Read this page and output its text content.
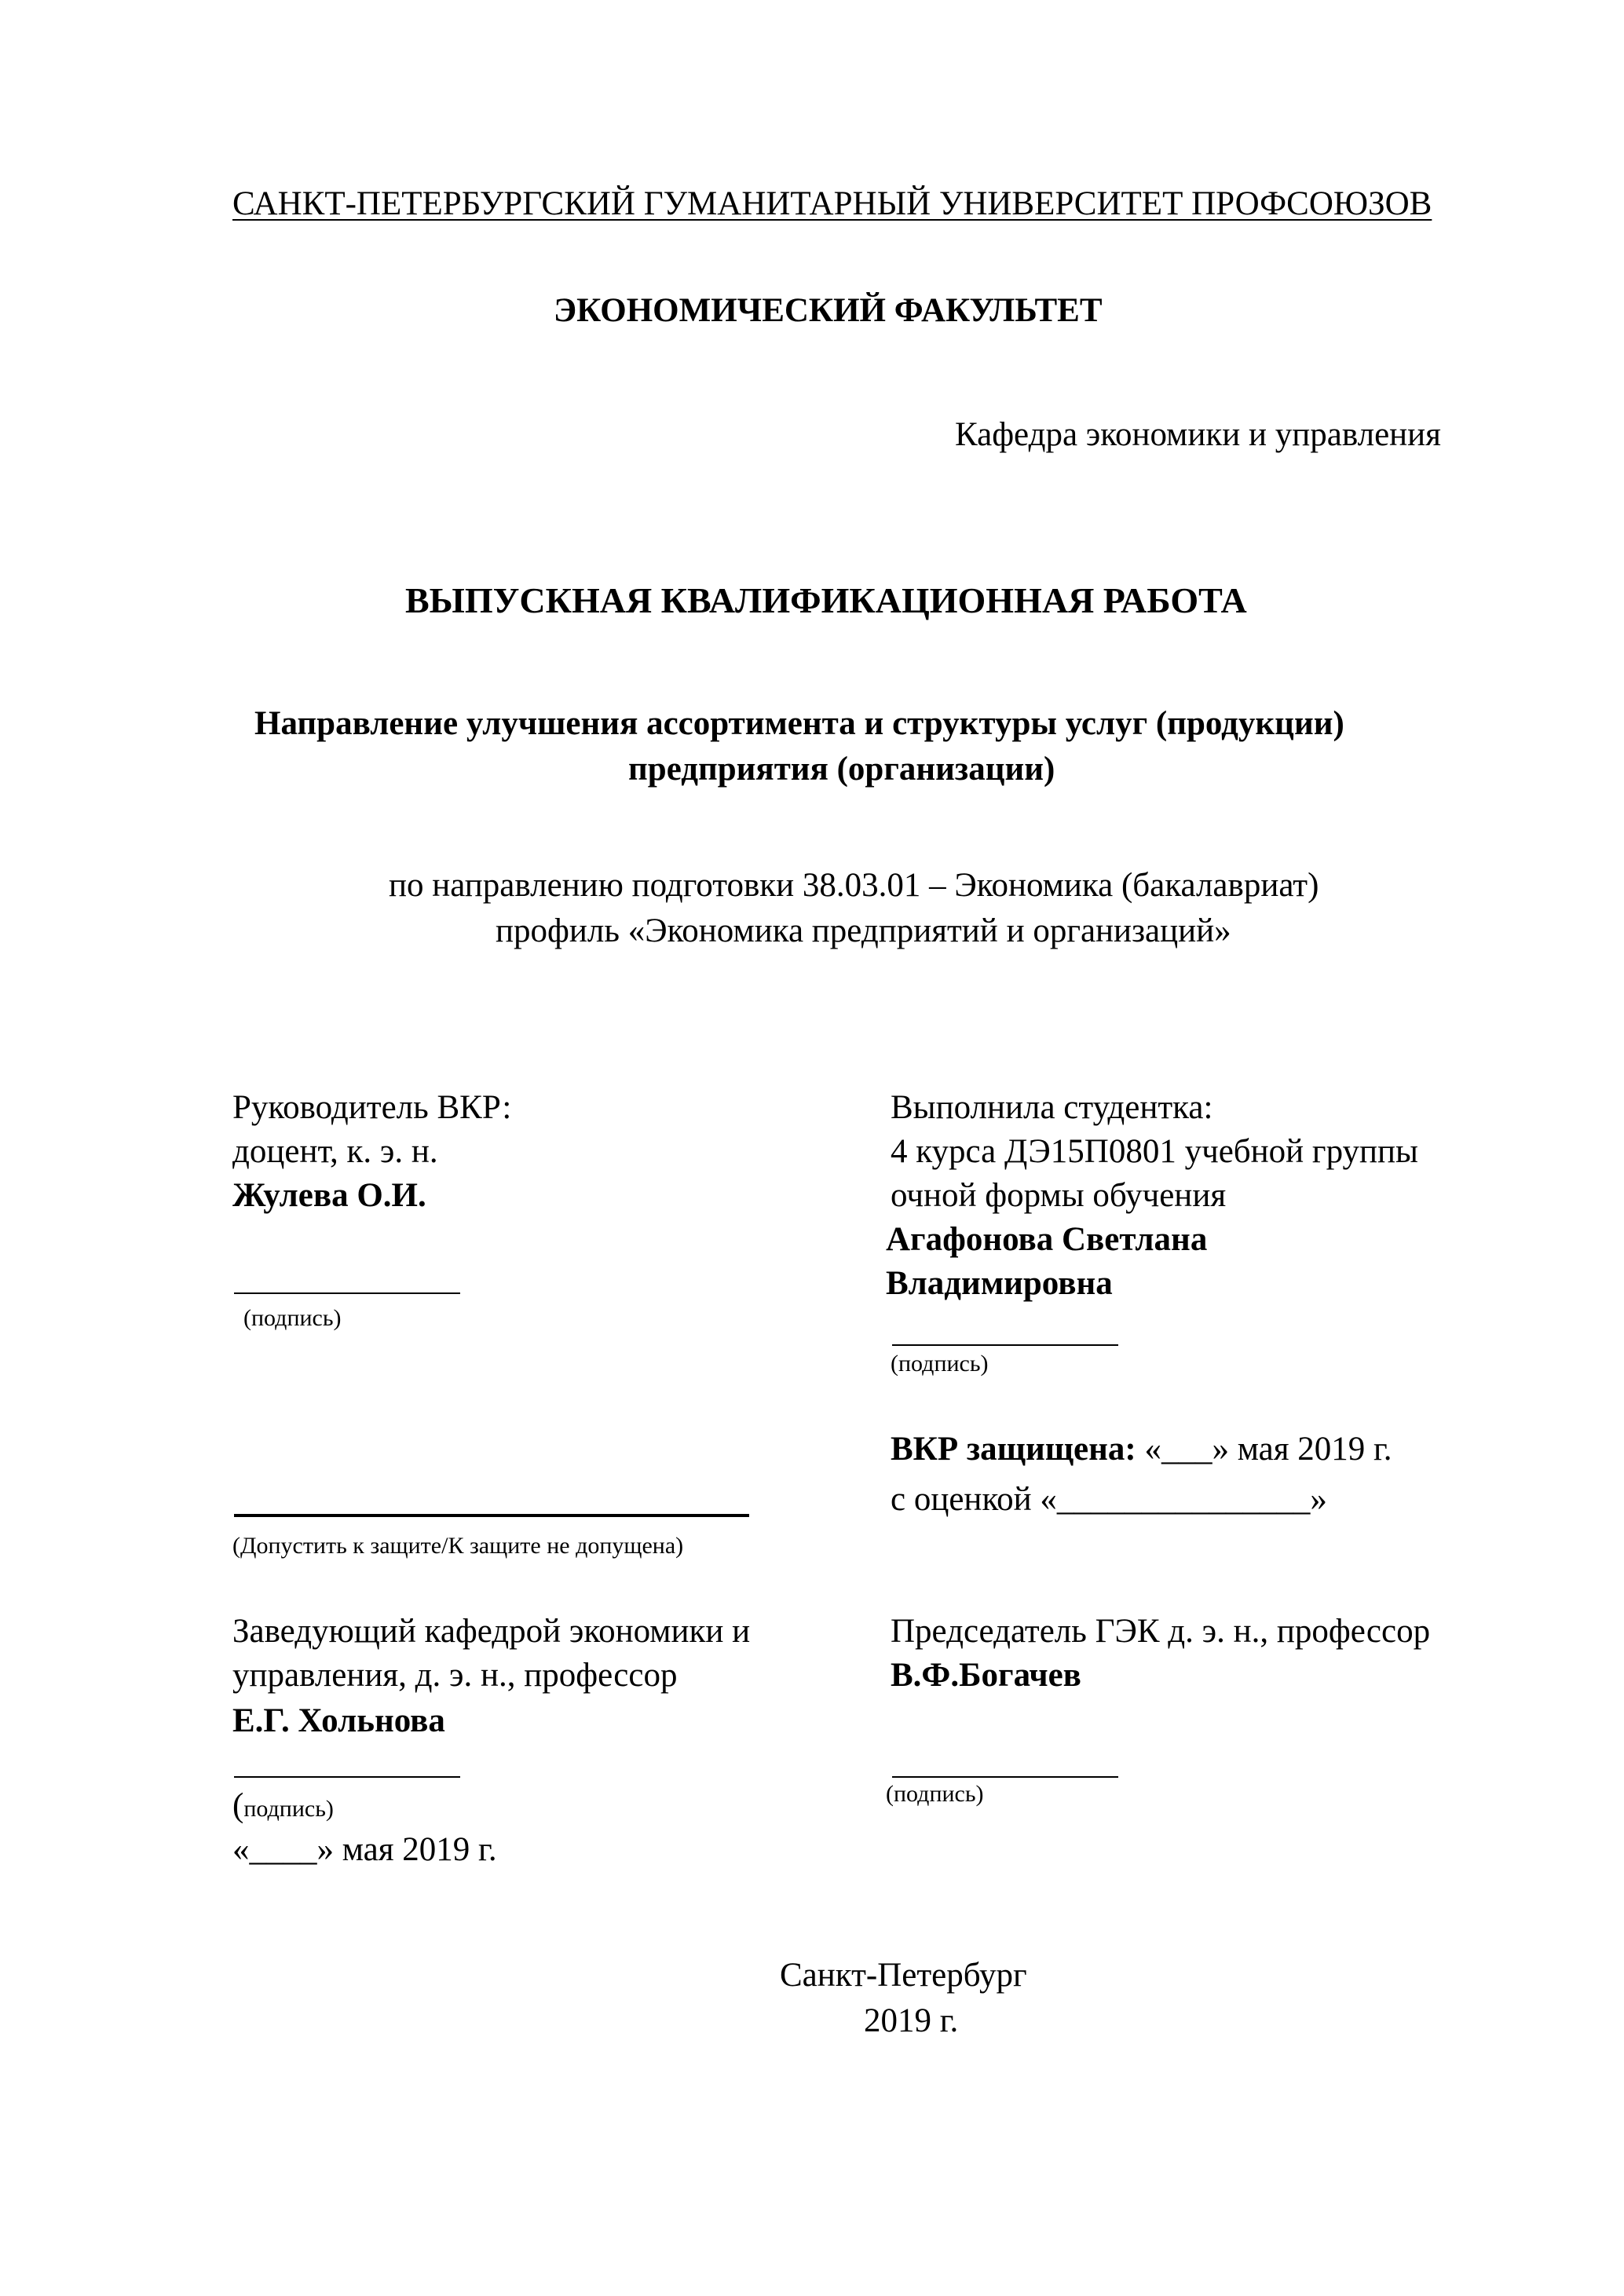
САНКТ-ПЕТЕРБУРГСКИЙ ГУМАНИТАРНЫЙ УНИВЕРСИТЕТ ПРОФСОЮЗОВ
ЭКОНОМИЧЕСКИЙ ФАКУЛЬТЕТ
Кафедра экономики и управления
ВЫПУСКНАЯ КВАЛИФИКАЦИОННАЯ РАБОТА
Направление улучшения ассортимента и структуры услуг (продукции)
предприятия (организации)
по направлению подготовки 38.03.01 – Экономика (бакалавриат)
профиль «Экономика предприятий и организаций»
Руководитель ВКР:
доцент, к. э. н.
Жулева О.И.
(подпись)
Выполнила студентка:
4 курса ДЭ15П0801 учебной группы
очной формы обучения
Агафонова Светлана
Владимировна
(подпись)
ВКР защищена: «___» мая 2019 г.
с оценкой «_______________»
(Допустить к защите/К защите не допущена)
Заведующий кафедрой экономики и
управления, д. э. н., профессор
Е.Г. Хольнова
(подпись)
«____» мая 2019 г.
Председатель ГЭК д. э. н., профессор
В.Ф.Богачев
(подпись)
Санкт-Петербург
2019 г.
